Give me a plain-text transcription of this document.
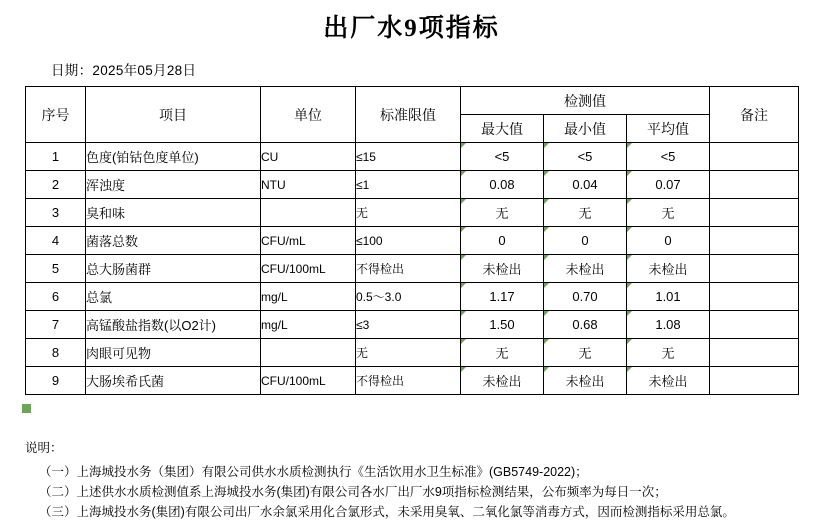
出厂水9项指标
日期：2025年05月28日
序号	项目	单位	标准限值	检测值			备注
				最大值	最小值	平均值	
1	色度(铂钴色度单位)	CU	≤15	<5	<5	<5	
2	浑浊度	NTU	≤1	0.08	0.04	0.07	
3	臭和味		无	无	无	无	
4	菌落总数	CFU/mL	≤100	0	0	0	
5	总大肠菌群	CFU/100mL	不得检出	未检出	未检出	未检出	
6	总氯	mg/L	0.5～3.0	1.17	0.70	1.01	
7	高锰酸盐指数(以O2计)	mg/L	≤3	1.50	0.68	1.08	
8	肉眼可见物		无	无	无	无	
9	大肠埃希氏菌	CFU/100mL	不得检出	未检出	未检出	未检出	
说明：
（一）上海城投水务（集团）有限公司供水水质检测执行《生活饮用水卫生标准》(GB5749-2022)；
（二）上述供水水质检测值系上海城投水务(集团)有限公司各水厂出厂水9项指标检测结果，公布频率为每日一次；
（三）上海城投水务(集团)有限公司出厂水余氯采用化合氯形式，未采用臭氧、二氧化氯等消毒方式，因而检测指标采用总氯。
